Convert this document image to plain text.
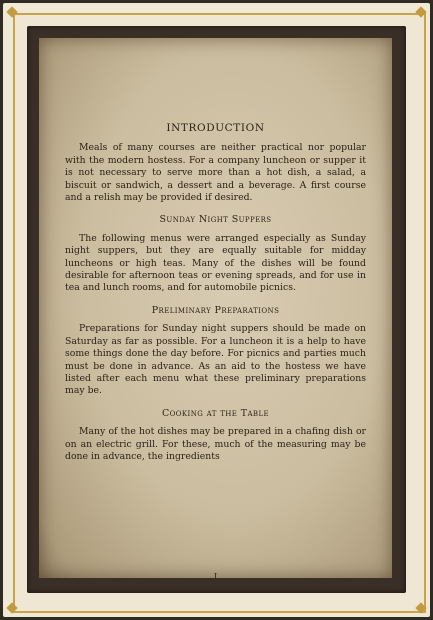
INTRODUCTION

Meals of many courses are neither practical nor popular with the modern hostess. For a company luncheon or supper it is not necessary to serve more than a hot dish, a salad, a biscuit or sandwich, a dessert and a beverage. A first course and a relish may be provided if desired.

Sunday Night Suppers

The following menus were arranged especially as Sunday night suppers, but they are equally suitable for midday luncheons or high teas. Many of the dishes will be found desirable for afternoon teas or evening spreads, and for use in tea and lunch rooms, and for automobile picnics.

Preliminary Preparations

Preparations for Sunday night suppers should be made on Saturday as far as possible. For a luncheon it is a help to have some things done the day before. For picnics and parties much must be done in advance. As an aid to the hostess we have listed after each menu what these preliminary preparations may be.

Cooking at the Table

Many of the hot dishes may be prepared in a chafing dish or on an electric grill. For these, much of the measuring may be done in advance, the ingredients

I
